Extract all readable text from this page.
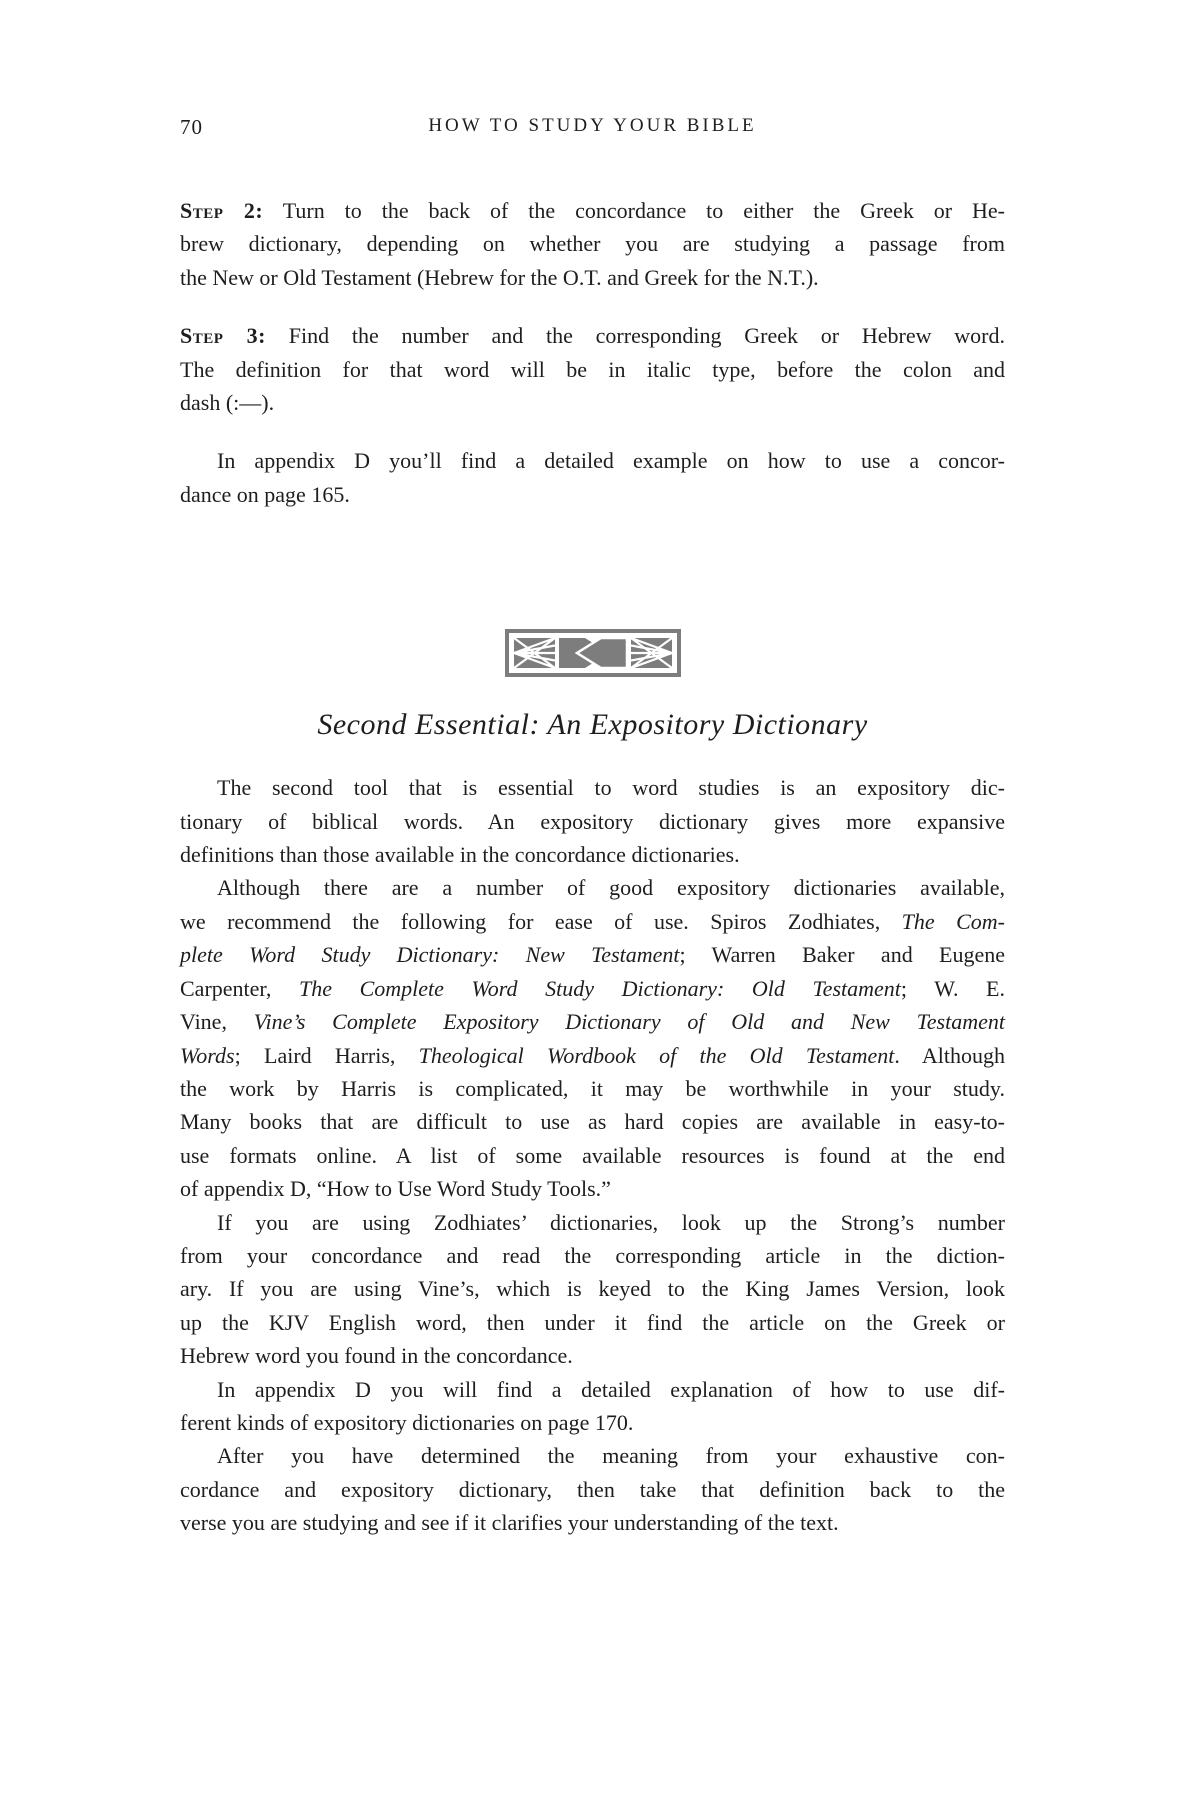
70	HOW TO STUDY YOUR BIBLE
Step 2: Turn to the back of the concordance to either the Greek or He-
brew dictionary, depending on whether you are studying a passage from
the New or Old Testament (Hebrew for the O.T. and Greek for the N.T.).
Step 3: Find the number and the corresponding Greek or Hebrew word.
The definition for that word will be in italic type, before the colon and
dash (:—).
In appendix D you’ll find a detailed example on how to use a concor-
dance on page 165.
Second Essential: An Expository Dictionary
The second tool that is essential to word studies is an expository dic-
tionary of biblical words. An expository dictionary gives more expansive
definitions than those available in the concordance dictionaries.
Although there are a number of good expository dictionaries available,
we recommend the following for ease of use. Spiros Zodhiates, The Com-
plete Word Study Dictionary: New Testament; Warren Baker and Eugene
Carpenter, The Complete Word Study Dictionary: Old Testament; W. E.
Vine, Vine’s Complete Expository Dictionary of Old and New Testament
Words; Laird Harris, Theological Wordbook of the Old Testament. Although
the work by Harris is complicated, it may be worthwhile in your study.
Many books that are difficult to use as hard copies are available in easy-to-
use formats online. A list of some available resources is found at the end
of appendix D, “How to Use Word Study Tools.”
If you are using Zodhiates’ dictionaries, look up the Strong’s number
from your concordance and read the corresponding article in the diction-
ary. If you are using Vine’s, which is keyed to the King James Version, look
up the KJV English word, then under it find the article on the Greek or
Hebrew word you found in the concordance.
In appendix D you will find a detailed explanation of how to use dif-
ferent kinds of expository dictionaries on page 170.
After you have determined the meaning from your exhaustive con-
cordance and expository dictionary, then take that definition back to the
verse you are studying and see if it clarifies your understanding of the text.
